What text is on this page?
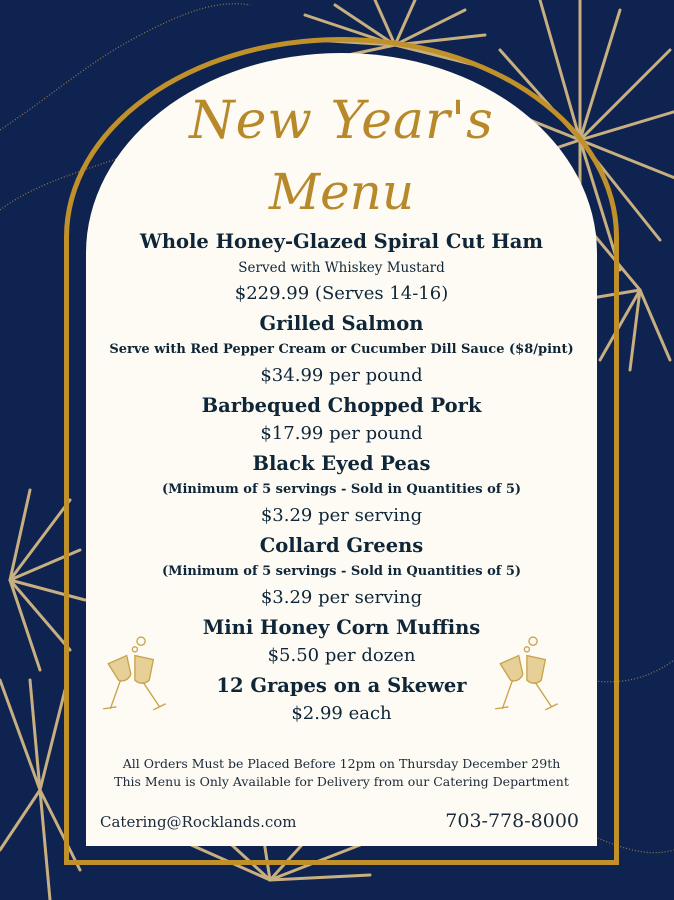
New Year's
Menu
Whole Honey-Glazed Spiral Cut Ham
Served with Whiskey Mustard
$229.99 (Serves 14-16)
Grilled Salmon
Serve with Red Pepper Cream or Cucumber Dill Sauce ($8/pint)
$34.99 per pound
Barbequed Chopped Pork
$17.99 per pound
Black Eyed Peas
(Minimum of 5 servings - Sold in Quantities of 5)
$3.29 per serving
Collard Greens
(Minimum of 5 servings - Sold in Quantities of 5)
$3.29 per serving
Mini Honey Corn Muffins
$5.50 per dozen
12 Grapes on a Skewer
$2.99 each
All Orders Must be Placed Before 12pm on Thursday December 29th
This Menu is Only Available for Delivery from our Catering Department
Catering@Rocklands.com	703-778-8000
